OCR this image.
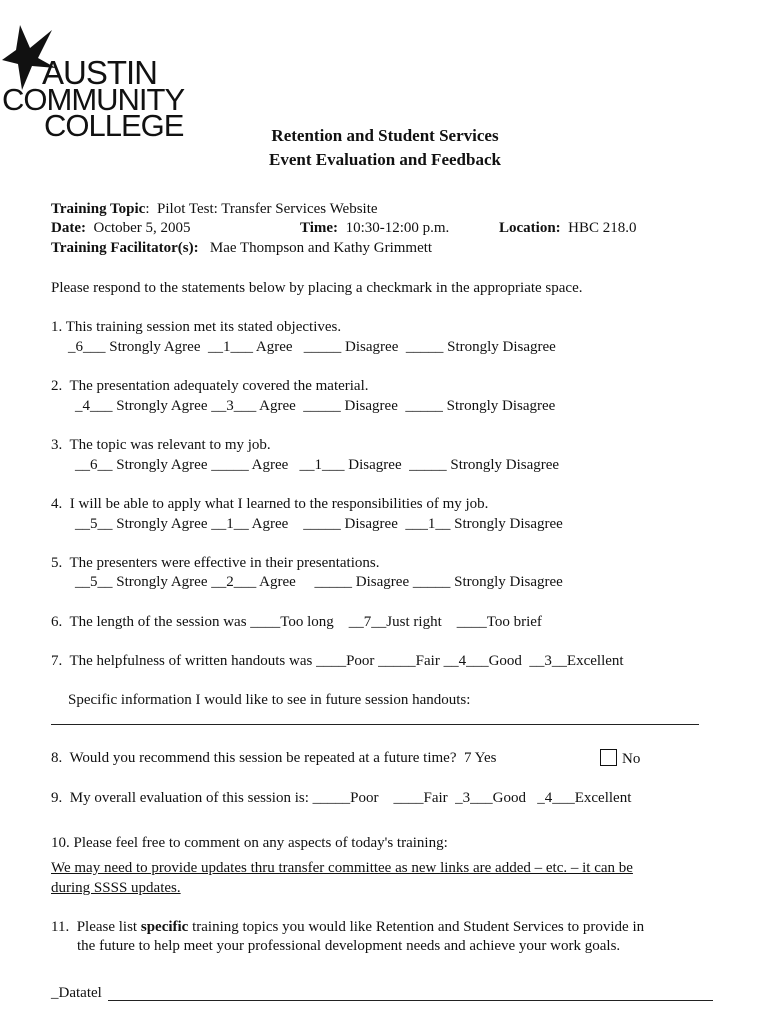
AUSTIN
COMMUNITY
COLLEGE	Retention and Student Services
Event Evaluation and Feedback
Training Topic:  Pilot Test: Transfer Services Website
Date:  October 5, 2005	Time:  10:30-12:00 p.m.	Location:  HBC 218.0
Training Facilitator(s):   Mae Thompson and Kathy Grimmett
Please respond to the statements below by placing a checkmark in the appropriate space.
1. This training session met its stated objectives.
_6___ Strongly Agree  __1___ Agree   _____ Disagree  _____ Strongly Disagree
2.  The presentation adequately covered the material.
_4___ Strongly Agree __3___ Agree  _____ Disagree  _____ Strongly Disagree
3.  The topic was relevant to my job.
__6__ Strongly Agree _____ Agree   __1___ Disagree  _____ Strongly Disagree
4.  I will be able to apply what I learned to the responsibilities of my job.
__5__ Strongly Agree __1__ Agree    _____ Disagree  ___1__ Strongly Disagree
5.  The presenters were effective in their presentations.
__5__ Strongly Agree __2___ Agree     _____ Disagree _____ Strongly Disagree
6.  The length of the session was ____Too long    __7__Just right    ____Too brief
7.  The helpfulness of written handouts was ____Poor _____Fair __4___Good  __3__Excellent
Specific information I would like to see in future session handouts:
8.  Would you recommend this session be repeated at a future time?  7 Yes	No
9.  My overall evaluation of this session is: _____Poor    ____Fair  _3___Good   _4___Excellent
10. Please feel free to comment on any aspects of today's training:
We may need to provide updates thru transfer committee as new links are added – etc. – it can be
during SSSS updates.
11.  Please list specific training topics you would like Retention and Student Services to provide in
the future to help meet your professional development needs and achieve your work goals.
_Datatel
